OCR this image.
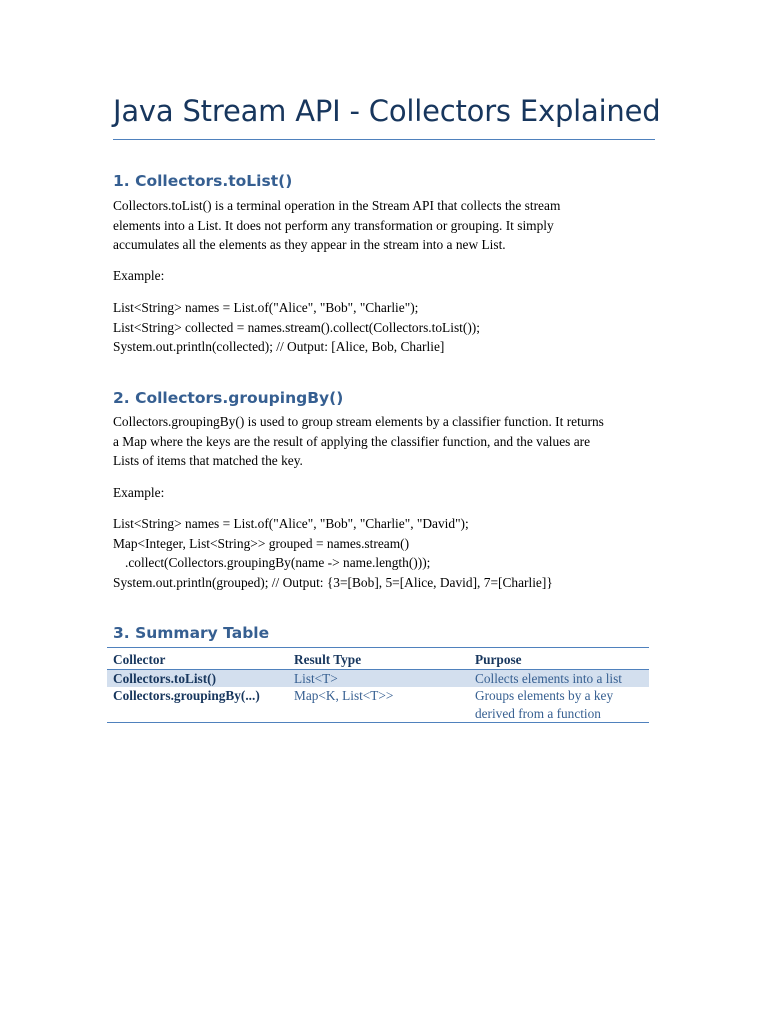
Java Stream API - Collectors Explained
1. Collectors.toList()
Collectors.toList() is a terminal operation in the Stream API that collects the stream
elements into a List. It does not perform any transformation or grouping. It simply
accumulates all the elements as they appear in the stream into a new List.
Example:
List<String> names = List.of("Alice", "Bob", "Charlie");
List<String> collected = names.stream().collect(Collectors.toList());
System.out.println(collected); // Output: [Alice, Bob, Charlie]
2. Collectors.groupingBy()
Collectors.groupingBy() is used to group stream elements by a classifier function. It returns
a Map where the keys are the result of applying the classifier function, and the values are
Lists of items that matched the key.
Example:
List<String> names = List.of("Alice", "Bob", "Charlie", "David");
Map<Integer, List<String>> grouped = names.stream()
.collect(Collectors.groupingBy(name -> name.length()));
System.out.println(grouped); // Output: {3=[Bob], 5=[Alice, David], 7=[Charlie]}
3. Summary Table
Collector	Result Type	Purpose
Collectors.toList()	List<T>	Collects elements into a list
Collectors.groupingBy(...)	Map<K, List<T>>	Groups elements by a key derived from a function
